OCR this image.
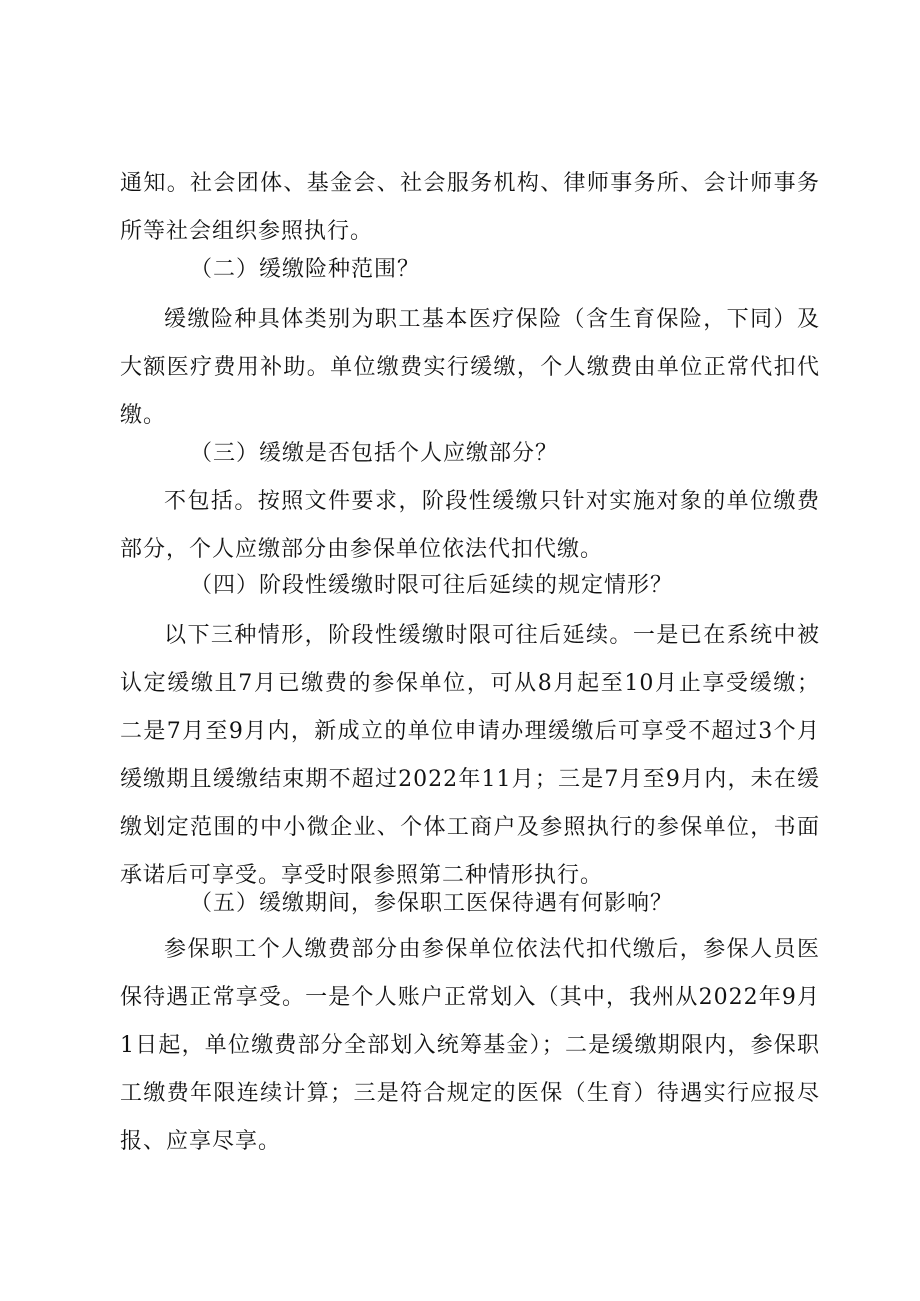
通知。社会团体、基金会、社会服务机构、律师事务所、会计师事务所等社会组织参照执行。

（二）缓缴险种范围？

缓缴险种具体类别为职工基本医疗保险（含生育保险，下同）及大额医疗费用补助。单位缴费实行缓缴，个人缴费由单位正常代扣代缴。

（三）缓缴是否包括个人应缴部分？

不包括。按照文件要求，阶段性缓缴只针对实施对象的单位缴费部分，个人应缴部分由参保单位依法代扣代缴。

（四）阶段性缓缴时限可往后延续的规定情形？

以下三种情形，阶段性缓缴时限可往后延续。一是已在系统中被认定缓缴且7月已缴费的参保单位，可从8月起至10月止享受缓缴；二是7月至9月内，新成立的单位申请办理缓缴后可享受不超过3个月缓缴期且缓缴结束期不超过2022年11月；三是7月至9月内，未在缓缴划定范围的中小微企业、个体工商户及参照执行的参保单位，书面承诺后可享受。享受时限参照第二种情形执行。

（五）缓缴期间，参保职工医保待遇有何影响？

参保职工个人缴费部分由参保单位依法代扣代缴后，参保人员医保待遇正常享受。一是个人账户正常划入（其中，我州从2022年9月1日起，单位缴费部分全部划入统筹基金）；二是缓缴期限内，参保职工缴费年限连续计算；三是符合规定的医保（生育）待遇实行应报尽报、应享尽享。
